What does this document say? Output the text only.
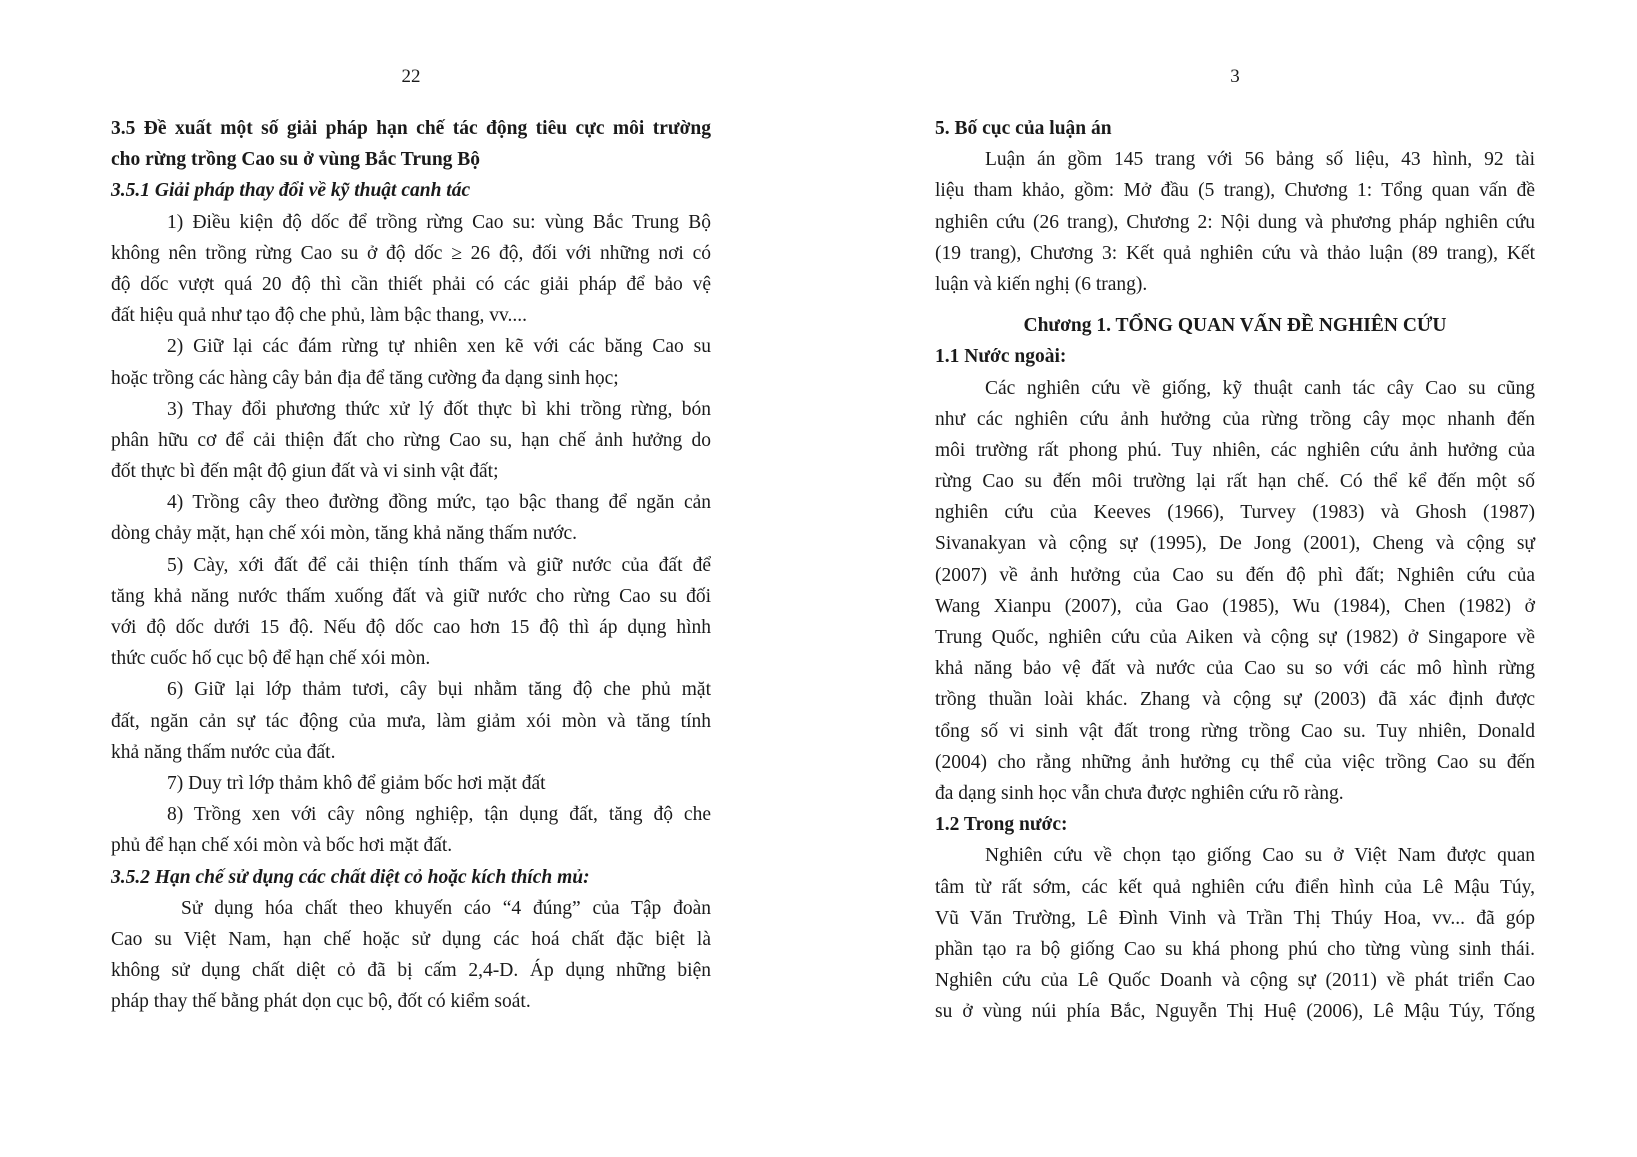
22
3.5 Đề xuất một số giải pháp hạn chế tác động tiêu cực môi trường
cho rừng trồng Cao su ở vùng Bắc Trung Bộ
3.5.1 Giải pháp thay đổi về kỹ thuật canh tác
1) Điều kiện độ dốc để trồng rừng Cao su: vùng Bắc Trung Bộ
không nên trồng rừng Cao su ở độ dốc ≥ 26 độ, đối với những nơi có
độ dốc vượt quá 20 độ thì cần thiết phải có các giải pháp để bảo vệ
đất hiệu quả như tạo độ che phủ, làm bậc thang, vv....
2) Giữ lại các đám rừng tự nhiên xen kẽ với các băng Cao su
hoặc trồng các hàng cây bản địa để tăng cường đa dạng sinh học;
3) Thay đổi phương thức xử lý đốt thực bì khi trồng rừng, bón
phân hữu cơ để cải thiện đất cho rừng Cao su, hạn chế ảnh hưởng do
đốt thực bì đến mật độ giun đất và vi sinh vật đất;
4) Trồng cây theo đường đồng mức, tạo bậc thang để ngăn cản
dòng chảy mặt, hạn chế xói mòn, tăng khả năng thấm nước.
5) Cày, xới đất để cải thiện tính thấm và giữ nước của đất để
tăng khả năng nước thấm xuống đất và giữ nước cho rừng Cao su đối
với độ dốc dưới 15 độ. Nếu độ dốc cao hơn 15 độ thì áp dụng hình
thức cuốc hố cục bộ để hạn chế xói mòn.
6) Giữ lại lớp thảm tươi, cây bụi nhằm tăng độ che phủ mặt
đất, ngăn cản sự tác động của mưa, làm giảm xói mòn và tăng tính
khả năng thấm nước của đất.
7) Duy trì lớp thảm khô để giảm bốc hơi mặt đất
8) Trồng xen với cây nông nghiệp, tận dụng đất, tăng độ che
phủ để hạn chế xói mòn và bốc hơi mặt đất.
3.5.2 Hạn chế sử dụng các chất diệt cỏ hoặc kích thích mủ:
Sử dụng hóa chất theo khuyến cáo “4 đúng” của Tập đoàn
Cao su Việt Nam, hạn chế hoặc sử dụng các hoá chất đặc biệt là
không sử dụng chất diệt cỏ đã bị cấm 2,4-D. Áp dụng những biện
pháp thay thế bằng phát dọn cục bộ, đốt có kiểm soát.
3
5. Bố cục của luận án
Luận án gồm 145 trang với 56 bảng số liệu, 43 hình, 92 tài
liệu tham khảo, gồm: Mở đầu (5 trang), Chương 1: Tổng quan vấn đề
nghiên cứu (26 trang), Chương 2: Nội dung và phương pháp nghiên cứu
(19 trang), Chương 3: Kết quả nghiên cứu và thảo luận (89 trang), Kết
luận và kiến nghị (6 trang).
Chương 1. TỔNG QUAN VẤN ĐỀ NGHIÊN CỨU
1.1 Nước ngoài:
Các nghiên cứu về giống, kỹ thuật canh tác cây Cao su cũng
như các nghiên cứu ảnh hưởng của rừng trồng cây mọc nhanh đến
môi trường rất phong phú. Tuy nhiên, các nghiên cứu ảnh hưởng của
rừng Cao su đến môi trường lại rất hạn chế. Có thể kể đến một số
nghiên cứu của Keeves (1966), Turvey (1983) và Ghosh (1987)
Sivanakyan và cộng sự (1995), De Jong (2001), Cheng và cộng sự
(2007) về ảnh hưởng của Cao su đến độ phì đất; Nghiên cứu của
Wang Xianpu (2007), của Gao (1985), Wu (1984), Chen (1982) ở
Trung Quốc, nghiên cứu của Aiken và cộng sự (1982) ở Singapore về
khả năng bảo vệ đất và nước của Cao su so với các mô hình rừng
trồng thuần loài khác. Zhang và cộng sự (2003) đã xác định được
tổng số vi sinh vật đất trong rừng trồng Cao su. Tuy nhiên, Donald
(2004) cho rằng những ảnh hưởng cụ thể của việc trồng Cao su đến
đa dạng sinh học vẫn chưa được nghiên cứu rõ ràng.
1.2 Trong nước:
Nghiên cứu về chọn tạo giống Cao su ở Việt Nam được quan
tâm từ rất sớm, các kết quả nghiên cứu điển hình của Lê Mậu Túy,
Vũ Văn Trường, Lê Đình Vinh và Trần Thị Thúy Hoa, vv... đã góp
phần tạo ra bộ giống Cao su khá phong phú cho từng vùng sinh thái.
Nghiên cứu của Lê Quốc Doanh và cộng sự (2011) về phát triển Cao
su ở vùng núi phía Bắc, Nguyễn Thị Huệ (2006), Lê Mậu Túy, Tống
